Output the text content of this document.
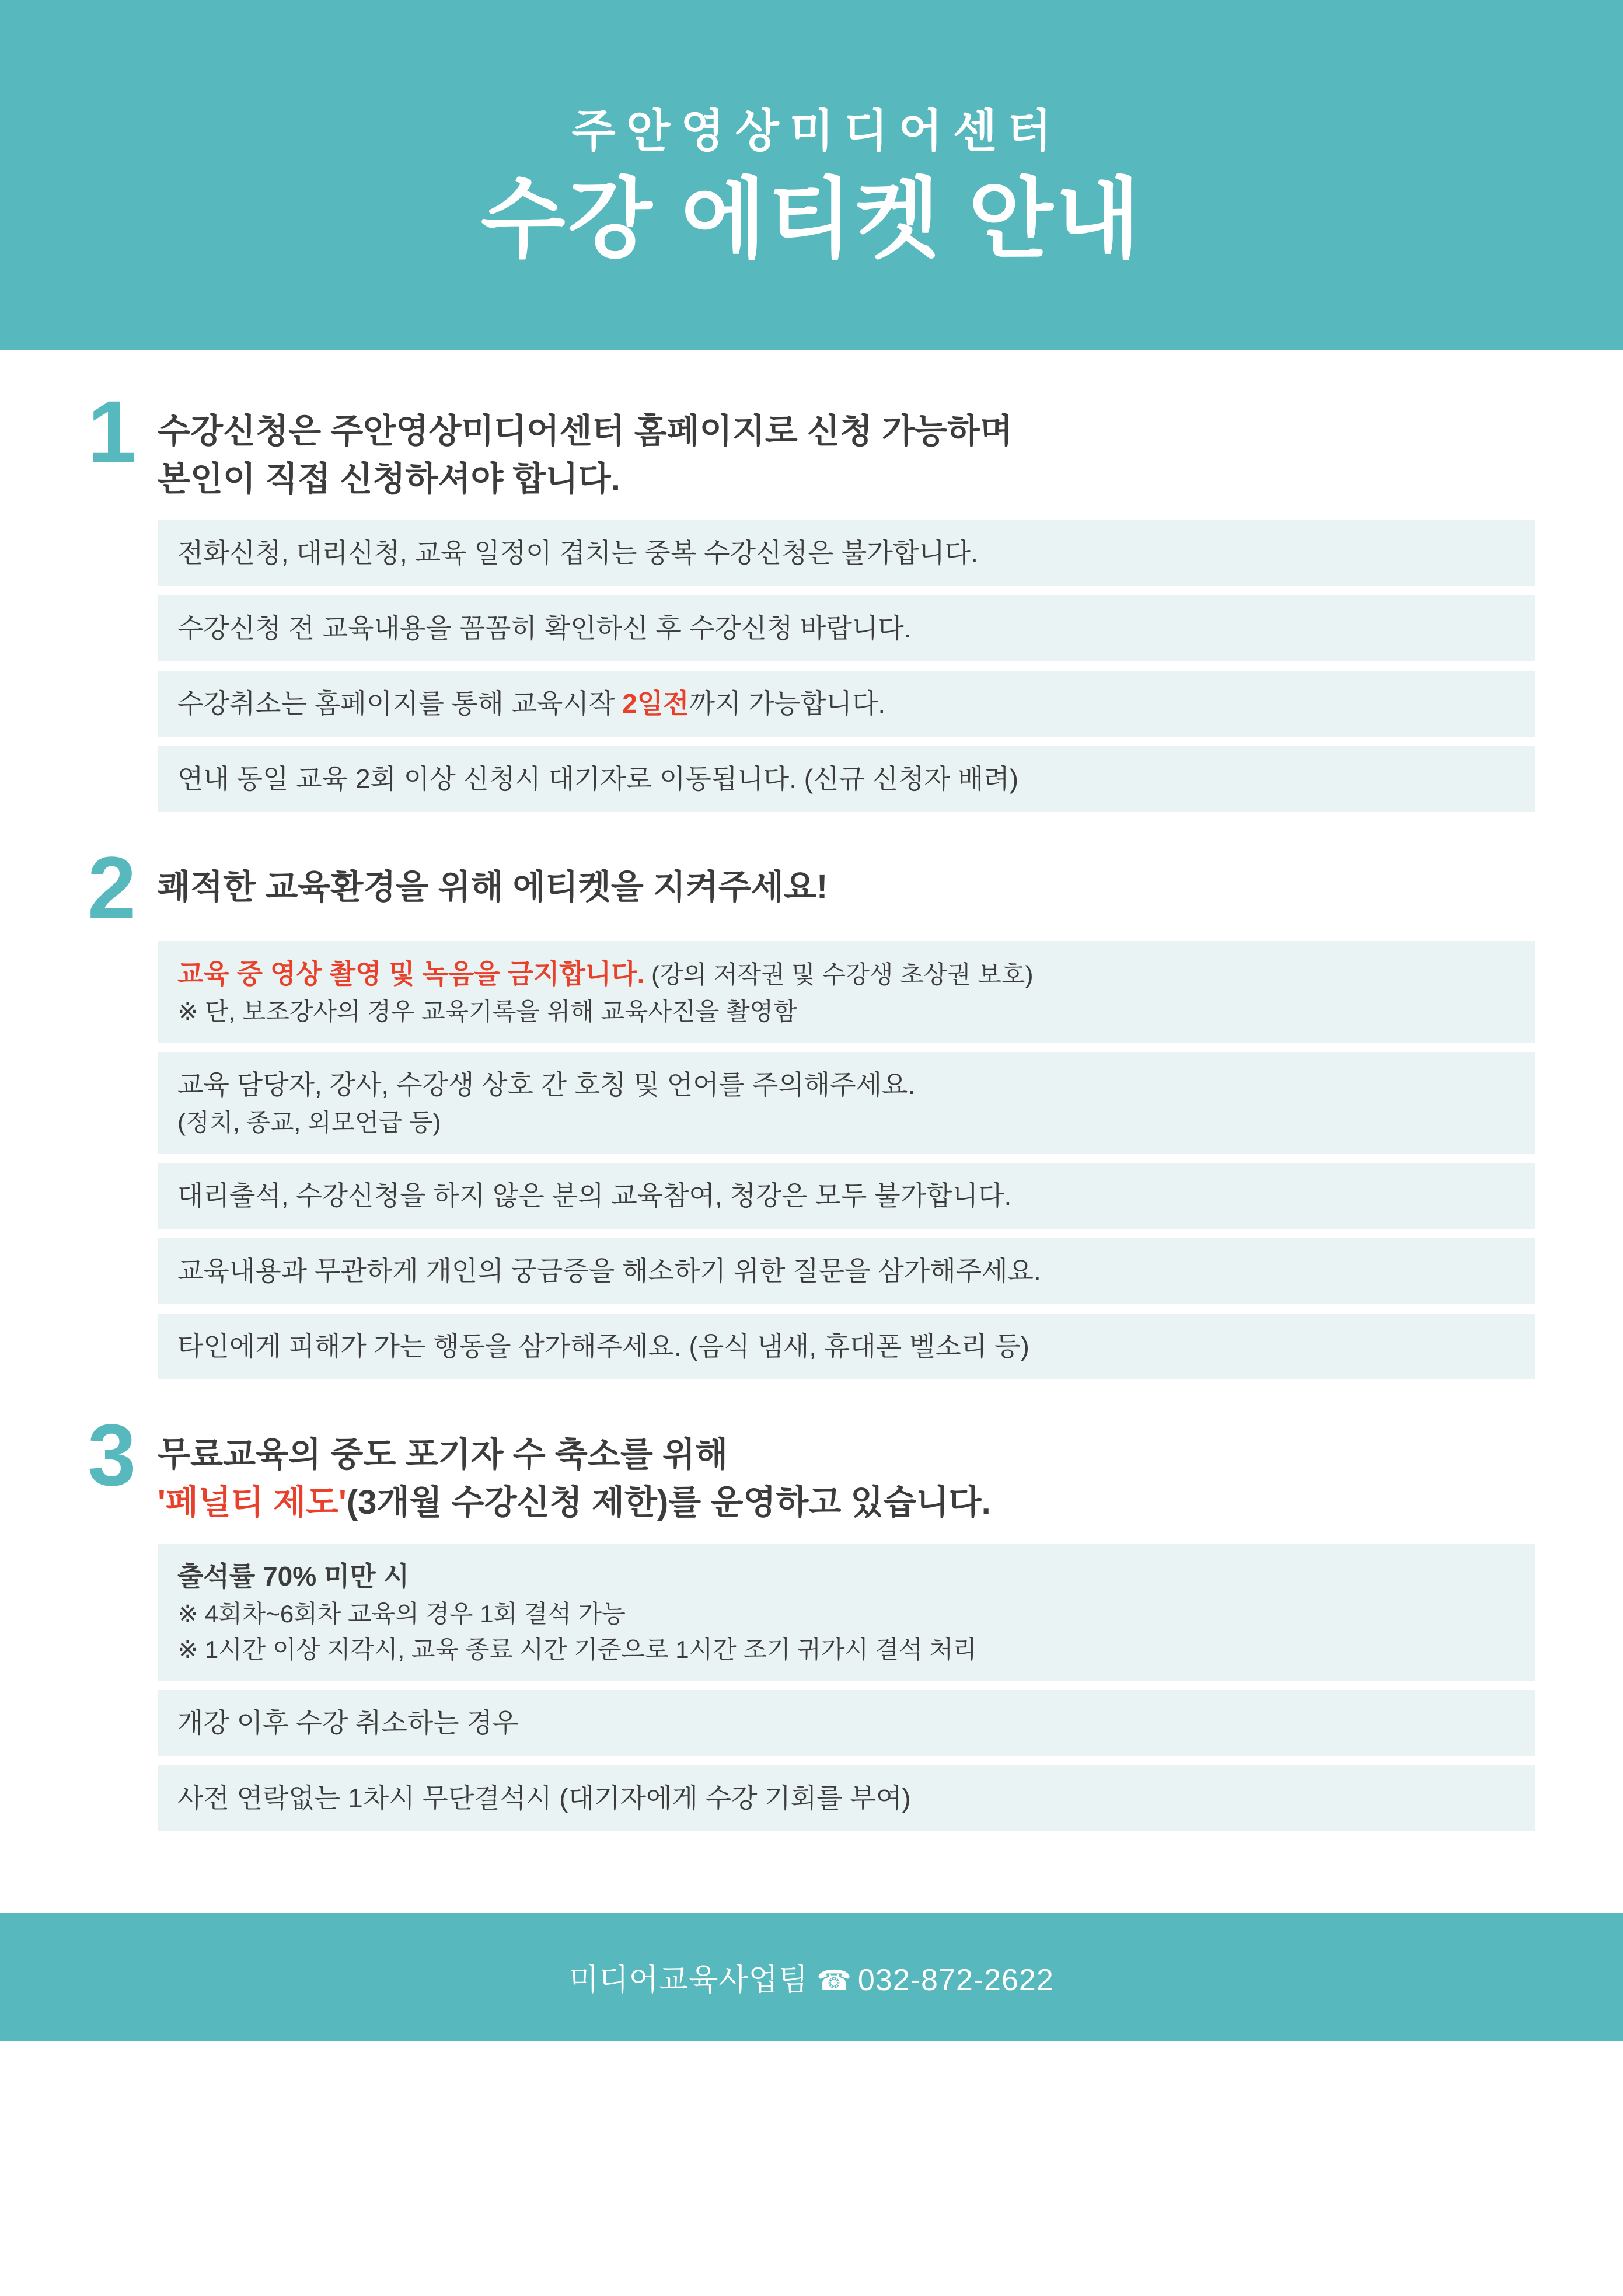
주안영상미디어센터
수강 에티켓 안내
1 수강신청은 주안영상미디어센터 홈페이지로 신청 가능하며
본인이 직접 신청하셔야 합니다.
전화신청, 대리신청, 교육 일정이 겹치는 중복 수강신청은 불가합니다.
수강신청 전 교육내용을 꼼꼼히 확인하신 후 수강신청 바랍니다.
수강취소는 홈페이지를 통해 교육시작 2일전까지 가능합니다.
연내 동일 교육 2회 이상 신청시 대기자로 이동됩니다. (신규 신청자 배려)
2 쾌적한 교육환경을 위해 에티켓을 지켜주세요!
교육 중 영상 촬영 및 녹음을 금지합니다. (강의 저작권 및 수강생 초상권 보호)
※ 단, 보조강사의 경우 교육기록을 위해 교육사진을 촬영함
교육 담당자, 강사, 수강생 상호 간 호칭 및 언어를 주의해주세요.
(정치, 종교, 외모언급 등)
대리출석, 수강신청을 하지 않은 분의 교육참여, 청강은 모두 불가합니다.
교육내용과 무관하게 개인의 궁금증을 해소하기 위한 질문을 삼가해주세요.
타인에게 피해가 가는 행동을 삼가해주세요. (음식 냄새, 휴대폰 벨소리 등)
3 무료교육의 중도 포기자 수 축소를 위해
'페널티 제도'(3개월 수강신청 제한)를 운영하고 있습니다.
출석률 70% 미만 시
※ 4회차~6회차 교육의 경우 1회 결석 가능
※ 1시간 이상 지각시, 교육 종료 시간 기준으로 1시간 조기 귀가시 결석 처리
개강 이후 수강 취소하는 경우
사전 연락없는 1차시 무단결석시 (대기자에게 수강 기회를 부여)
미디어교육사업팀 ☎ 032-872-2622
